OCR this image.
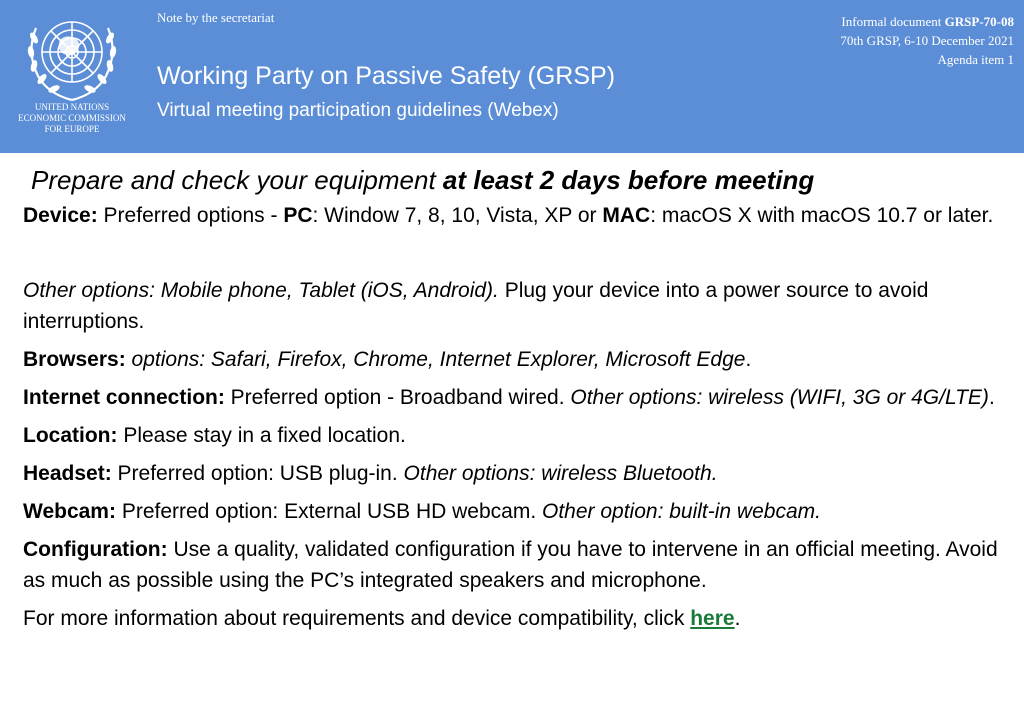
UNITED NATIONS
ECONOMIC COMMISSION
FOR EUROPE
Note by the secretariat
Working Party on Passive Safety (GRSP)
Virtual meeting participation guidelines (Webex)
Informal document GRSP-70-08
70th GRSP, 6-10 December 2021
Agenda item 1

Prepare and check your equipment at least 2 days before meeting

Device: Preferred options - PC: Window 7, 8, 10, Vista, XP or MAC: macOS X with macOS 10.7 or later.

Other options: Mobile phone, Tablet (iOS, Android). Plug your device into a power source to avoid interruptions.

Browsers: options: Safari, Firefox, Chrome, Internet Explorer, Microsoft Edge.

Internet connection: Preferred option - Broadband wired. Other options: wireless (WIFI, 3G or 4G/LTE).

Location: Please stay in a fixed location.

Headset: Preferred option: USB plug-in. Other options: wireless Bluetooth.

Webcam: Preferred option: External USB HD webcam. Other option: built-in webcam.

Configuration: Use a quality, validated configuration if you have to intervene in an official meeting. Avoid as much as possible using the PC’s integrated speakers and microphone.

For more information about requirements and device compatibility, click here.
